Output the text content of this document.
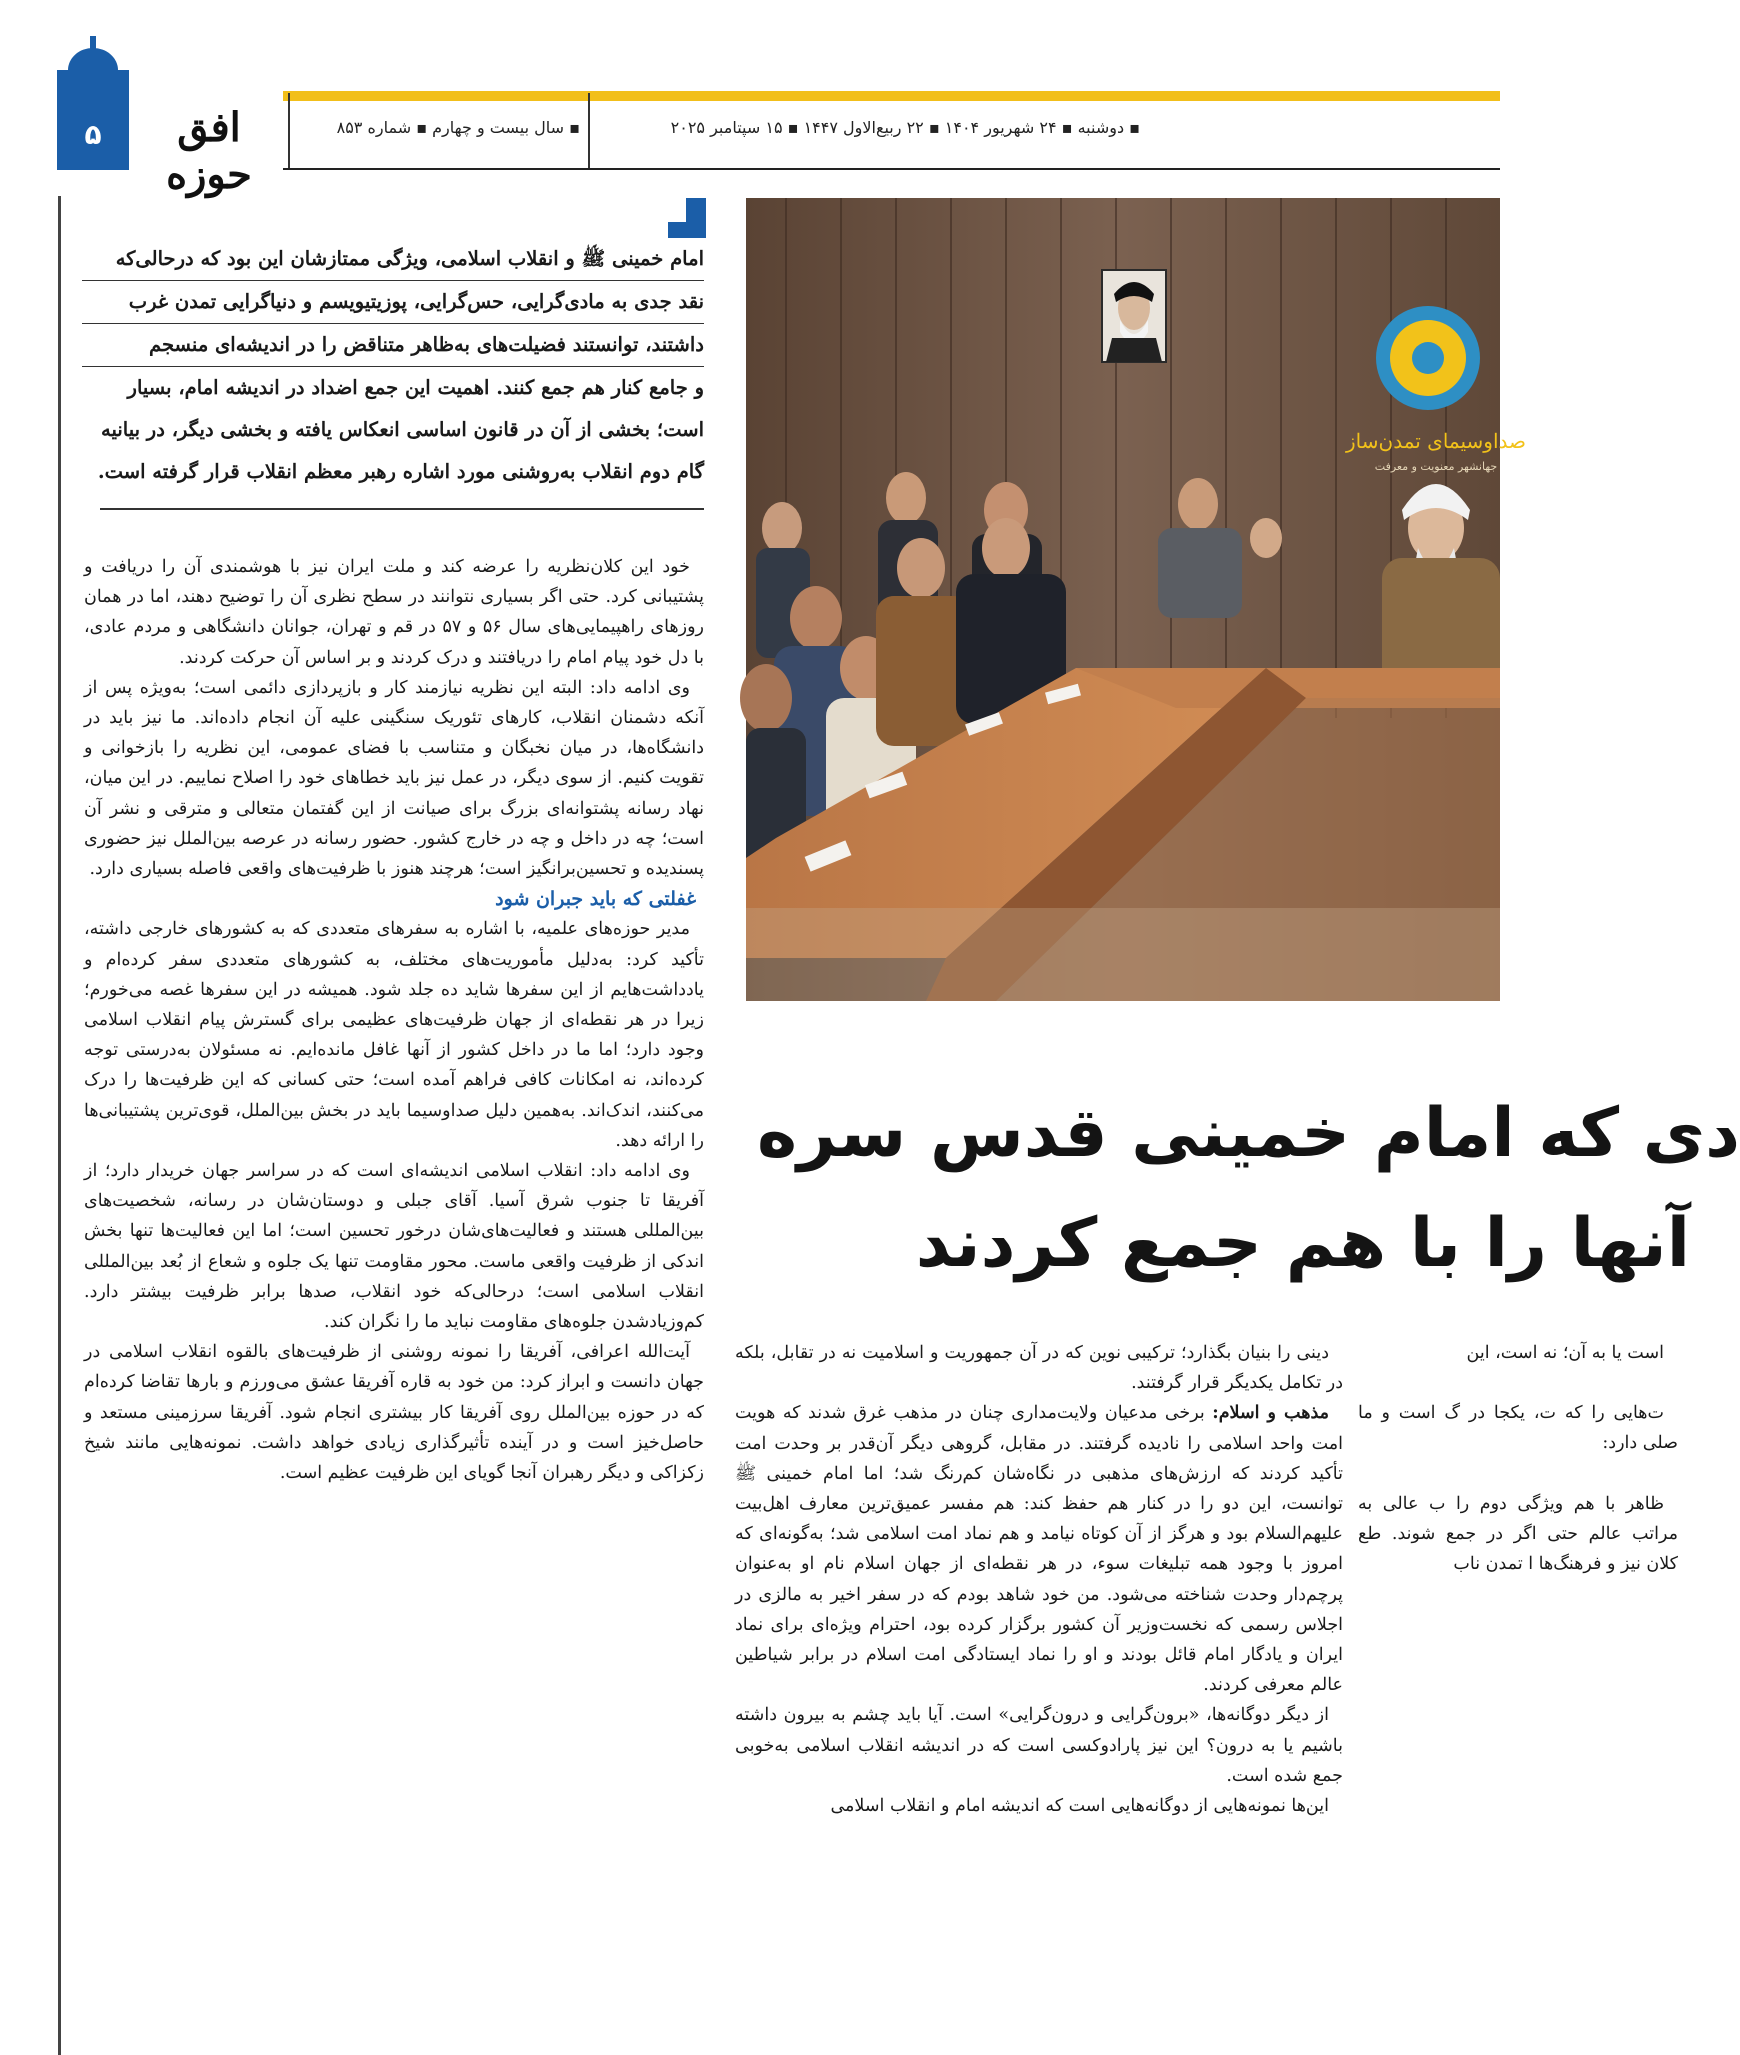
۵	افق حوزه
▪ سال بیست و چهارم ▪ شماره ۸۵۳	▪ دوشنبه ▪ ۲۴ شهریور ۱۴۰۴ ▪ ۲۲ ربیع‌الاول ۱۴۴۷ ▪ ۱۵ سپتامبر ۲۰۲۵
امام خمینی ﷺ و انقلاب اسلامی، ویژگی ممتازشان این بود که درحالی‌که
نقد جدی به مادی‌گرایی، حس‌گرایی، پوزیتیویسم و دنیاگرایی تمدن غرب
داشتند، توانستند فضیلت‌های به‌ظاهر متناقض را در اندیشه‌ای منسجم
و جامع کنار هم جمع کنند. اهمیت این جمع اضداد در اندیشه امام، بسیار
است؛ بخشی از آن در قانون اساسی انعکاس یافته و بخشی دیگر، در بیانیه
گام دوم انقلاب به‌روشنی مورد اشاره رهبر معظم انقلاب قرار گرفته است.

خود این کلان‌نظریه را عرضه کند و ملت ایران نیز با هوشمندی آن را دریافت و پشتیبانی کرد. حتی اگر بسیاری نتوانند در سطح نظری آن را توضیح دهند، اما در همان روزهای راهپیمایی‌های سال ۵۶ و ۵۷ در قم و تهران، جوانان دانشگاهی و مردم عادی، با دل خود پیام امام را دریافتند و درک کردند و بر اساس آن حرکت کردند.

وی ادامه داد: البته این نظریه نیازمند کار و بازپردازی دائمی است؛ به‌ویژه پس از آنکه دشمنان انقلاب، کارهای تئوریک سنگینی علیه آن انجام داده‌اند. ما نیز باید در دانشگاه‌ها، در میان نخبگان و متناسب با فضای عمومی، این نظریه را بازخوانی و تقویت کنیم. از سوی دیگر، در عمل نیز باید خطاهای خود را اصلاح نماییم. در این میان، نهاد رسانه پشتوانه‌ای بزرگ برای صیانت از این گفتمان متعالی و مترقی و نشر آن است؛ چه در داخل و چه در خارج کشور. حضور رسانه در عرصه بین‌الملل نیز حضوری پسندیده و تحسین‌برانگیز است؛ هرچند هنوز با ظرفیت‌های واقعی فاصله بسیاری دارد.

غفلتی که باید جبران شود

مدیر حوزه‌های علمیه، با اشاره به سفرهای متعددی که به کشورهای خارجی داشته، تأکید کرد: به‌دلیل مأموریت‌های مختلف، به کشورهای متعددی سفر کرده‌ام و یادداشت‌هایم از این سفرها شاید ده جلد شود. همیشه در این سفرها غصه می‌خورم؛ زیرا در هر نقطه‌ای از جهان ظرفیت‌های عظیمی برای گسترش پیام انقلاب اسلامی وجود دارد؛ اما ما در داخل کشور از آنها غافل مانده‌ایم. نه مسئولان به‌درستی توجه کرده‌اند، نه امکانات کافی فراهم آمده است؛ حتی کسانی که این ظرفیت‌ها را درک می‌کنند، اندک‌اند. به‌همین دلیل صداوسیما باید در بخش بین‌الملل، قوی‌ترین پشتیبانی‌ها را ارائه دهد.

وی ادامه داد: انقلاب اسلامی اندیشه‌ای است که در سراسر جهان خریدار دارد؛ از آفریقا تا جنوب شرق آسیا. آقای جبلی و دوستان‌شان در رسانه، شخصیت‌های بین‌المللی هستند و فعالیت‌های‌شان درخور تحسین است؛ اما این فعالیت‌ها تنها بخش اندکی از ظرفیت واقعی ماست. محور مقاومت تنها یک جلوه و شعاع از بُعد بین‌المللی انقلاب اسلامی است؛ درحالی‌که خود انقلاب، صدها برابر ظرفیت بیشتر دارد. کم‌وزیاد‌شدن جلوه‌های مقاومت نباید ما را نگران کند.

آیت‌الله اعرافی، آفریقا را نمونه روشنی از ظرفیت‌های بالقوه انقلاب اسلامی در جهان دانست و ابراز کرد: من خود به قاره آفریقا عشق می‌ورزم و بارها تقاضا کرده‌ام که در حوزه بین‌الملل روی آفریقا کار بیشتری انجام شود. آفریقا سرزمینی مستعد و حاصل‌خیز است و در آینده تأثیرگذاری زیادی خواهد داشت. نمونه‌هایی مانند شیخ زکزاکی و دیگر رهبران آنجا گویای این ظرفیت عظیم است.

صداوسیمای تمدن‌ساز
جهانشهر معنویت و معرفت
دی که امام خمینی قدس سره
آنها را با هم جمع کردند

دینی را بنیان بگذارد؛ ترکیبی نوین که در آن جمهوریت و اسلامیت نه در تقابل، بلکه در تکامل یکدیگر قرار گرفتند.

مذهب و اسلام: برخی مدعیان ولایت‌مداری چنان در مذهب غرق شدند که هویت امت واحد اسلامی را نادیده گرفتند. در مقابل، گروهی دیگر آن‌قدر بر وحدت امت تأکید کردند که ارزش‌های مذهبی در نگاه‌شان کم‌رنگ شد؛ اما امام خمینی ﷺ توانست، این دو را در کنار هم حفظ کند: هم مفسر عمیق‌ترین معارف اهل‌بیت علیهم‌السلام بود و هرگز از آن کوتاه نیامد و هم نماد امت اسلامی شد؛ به‌گونه‌ای که امروز با وجود همه تبلیغات سوء، در هر نقطه‌ای از جهان اسلام نام او به‌عنوان پرچم‌دار وحدت شناخته می‌شود. من خود شاهد بودم که در سفر اخیر به مالزی در اجلاس رسمی که نخست‌وزیر آن کشور برگزار کرده بود، احترام ویژه‌ای برای نماد ایران و یادگار امام قائل بودند و او را نماد ایستادگی امت اسلام در برابر شیاطین عالم معرفی کردند.

از دیگر دوگانه‌ها، «برون‌گرایی و درون‌گرایی» است. آیا باید چشم به بیرون داشته باشیم یا به درون؟ این نیز پارادوکسی است که در اندیشه انقلاب اسلامی به‌خوبی جمع شده است.

این‌ها نمونه‌هایی از دوگانه‌هایی است که اندیشه امام و انقلاب اسلامی

است یا به آن؛ نه است، این

ت‌هایی را که ت، یکجا در گ است و ما صلی دارد:

ظاهر با هم ویژگی دوم را ب عالی به مراتب عالم حتی اگر در جمع شوند. طع کلان نیز و فرهنگ‌ها ا تمدن ناب
